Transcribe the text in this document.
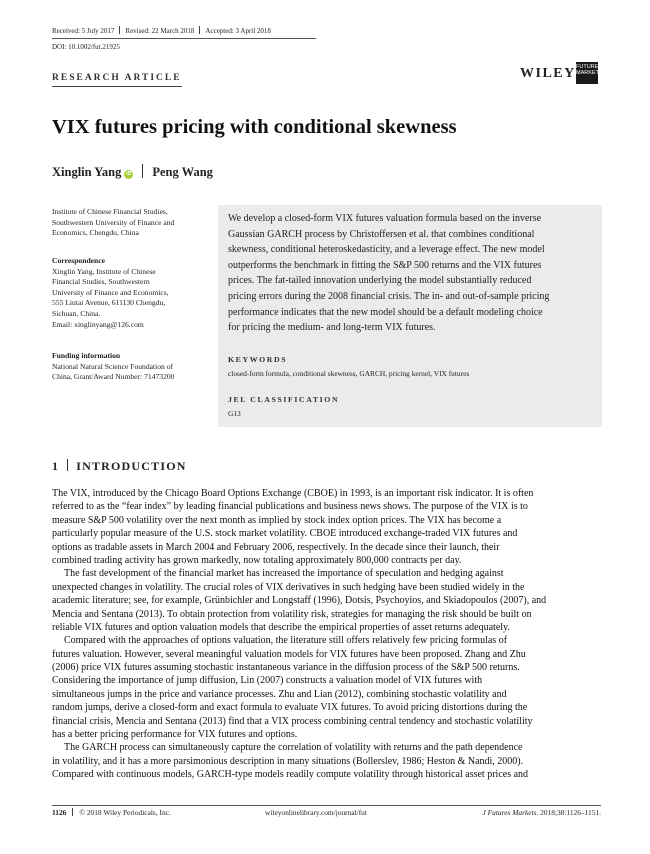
Received: 5 July 2017 Revised: 22 March 2018 Accepted: 3 April 2018
DOI: 10.1002/fut.21925
RESEARCH ARTICLE	WILEY FUTURES MARKETS
VIX futures pricing with conditional skewness
Xinglin Yang iD Peng Wang
Institute of Chinese Financial Studies,
Southwestern University of Finance and
Economics, Chengdu, China
Correspondence
Xinglin Yang, Institute of Chinese
Financial Studies, Southwestern
University of Finance and Economics,
555 Liutai Avenue, 611130 Chengdu,
Sichuan, China.
Email: xinglinyang@126.com
Funding information
National Natural Science Foundation of
China, Grant/Award Number: 71473200
We develop a closed-form VIX futures valuation formula based on the inverse
Gaussian GARCH process by Christoffersen et al. that combines conditional
skewness, conditional heteroskedasticity, and a leverage effect. The new model
outperforms the benchmark in fitting the S&P 500 returns and the VIX futures
prices. The fat-tailed innovation underlying the model substantially reduced
pricing errors during the 2008 financial crisis. The in- and out-of-sample pricing
performance indicates that the new model should be a default modeling choice
for pricing the medium- and long-term VIX futures.
KEYWORDS
closed-form formula, conditional skewness, GARCH, pricing kernel, VIX futures
JEL CLASSIFICATION
G13
1 INTRODUCTION
The VIX, introduced by the Chicago Board Options Exchange (CBOE) in 1993, is an important risk indicator. It is often
referred to as the “fear index” by leading financial publications and business news shows. The purpose of the VIX is to
measure S&P 500 volatility over the next month as implied by stock index option prices. The VIX has become a
particularly popular measure of the U.S. stock market volatility. CBOE introduced exchange-traded VIX futures and
options as tradable assets in March 2004 and February 2006, respectively. In the decade since their launch, their
combined trading activity has grown markedly, now totaling approximately 800,000 contracts per day.
The fast development of the financial market has increased the importance of speculation and hedging against
unexpected changes in volatility. The crucial roles of VIX derivatives in such hedging have been studied widely in the
academic literature; see, for example, Grünbichler and Longstaff (1996), Dotsis, Psychoyios, and Skiadopoulos (2007), and
Mencia and Sentana (2013). To obtain protection from volatility risk, strategies for managing the risk should be built on
reliable VIX futures and option valuation models that describe the empirical properties of asset returns adequately.
Compared with the approaches of options valuation, the literature still offers relatively few pricing formulas of
futures valuation. However, several meaningful valuation models for VIX futures have been proposed. Zhang and Zhu
(2006) price VIX futures assuming stochastic instantaneous variance in the diffusion process of the S&P 500 returns.
Considering the importance of jump diffusion, Lin (2007) constructs a valuation model of VIX futures with
simultaneous jumps in the price and variance processes. Zhu and Lian (2012), combining stochastic volatility and
random jumps, derive a closed-form and exact formula to evaluate VIX futures. To avoid pricing distortions during the
financial crisis, Mencia and Sentana (2013) find that a VIX process combining central tendency and stochastic volatility
has a better pricing performance for VIX futures and options.
The GARCH process can simultaneously capture the correlation of volatility with returns and the path dependence
in volatility, and it has a more parsimonious description in many situations (Bollerslev, 1986; Heston & Nandi, 2000).
Compared with continuous models, GARCH-type models readily compute volatility through historical asset prices and
1126 © 2018 Wiley Periodicals, Inc.	wileyonlinelibrary.com/journal/fut	J Futures Markets. 2018;38:1126–1151.
